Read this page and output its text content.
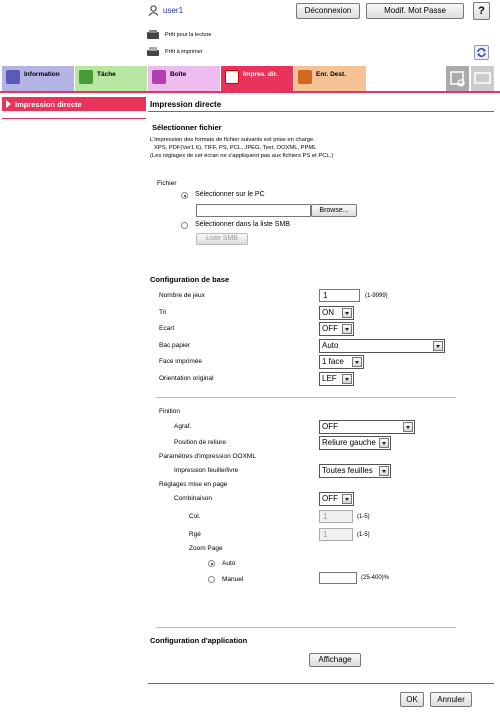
user1	Déconnexion	Modif. Mot Passe	?
Prêt pour la lecture
Prêt à imprimer
Information	Tâche	Boîte	Impres. dir.	Enr. Dest.
Impression directe	Impression directe
Sélectionner fichier
L'impression des formats de fichier suivants est prise en charge.
XPS, PDF(Ver1.6), TIFF, PS, PCL, JPEG, Text, OOXML, PPML
(Les réglages de cet écran ne s'appliquent pas aux fichiers PS et PCL.)
Fichier
Sélectionner sur le PC
Browse...
Sélectionner dans la liste SMB
Liste SMB
Configuration de base
Nombre de jeux	1	(1-9999)
Tri	ON
Ecart	OFF
Bac papier	Auto
Face imprimée	1 face
Orientation original	LEF
Finition
Agraf.	OFF
Position de reliure	Reliure gauche
Paramètres d'impression OOXML
Impression feuille/livre	Toutes feuilles
Réglages mise en page
Combinaison	OFF
Col.	1	(1-5)
Rgé	1	(1-5)
Zoom Page
Auto
Manuel	(25-400)%
Configuration d'application
Affichage
OK	Annuler
